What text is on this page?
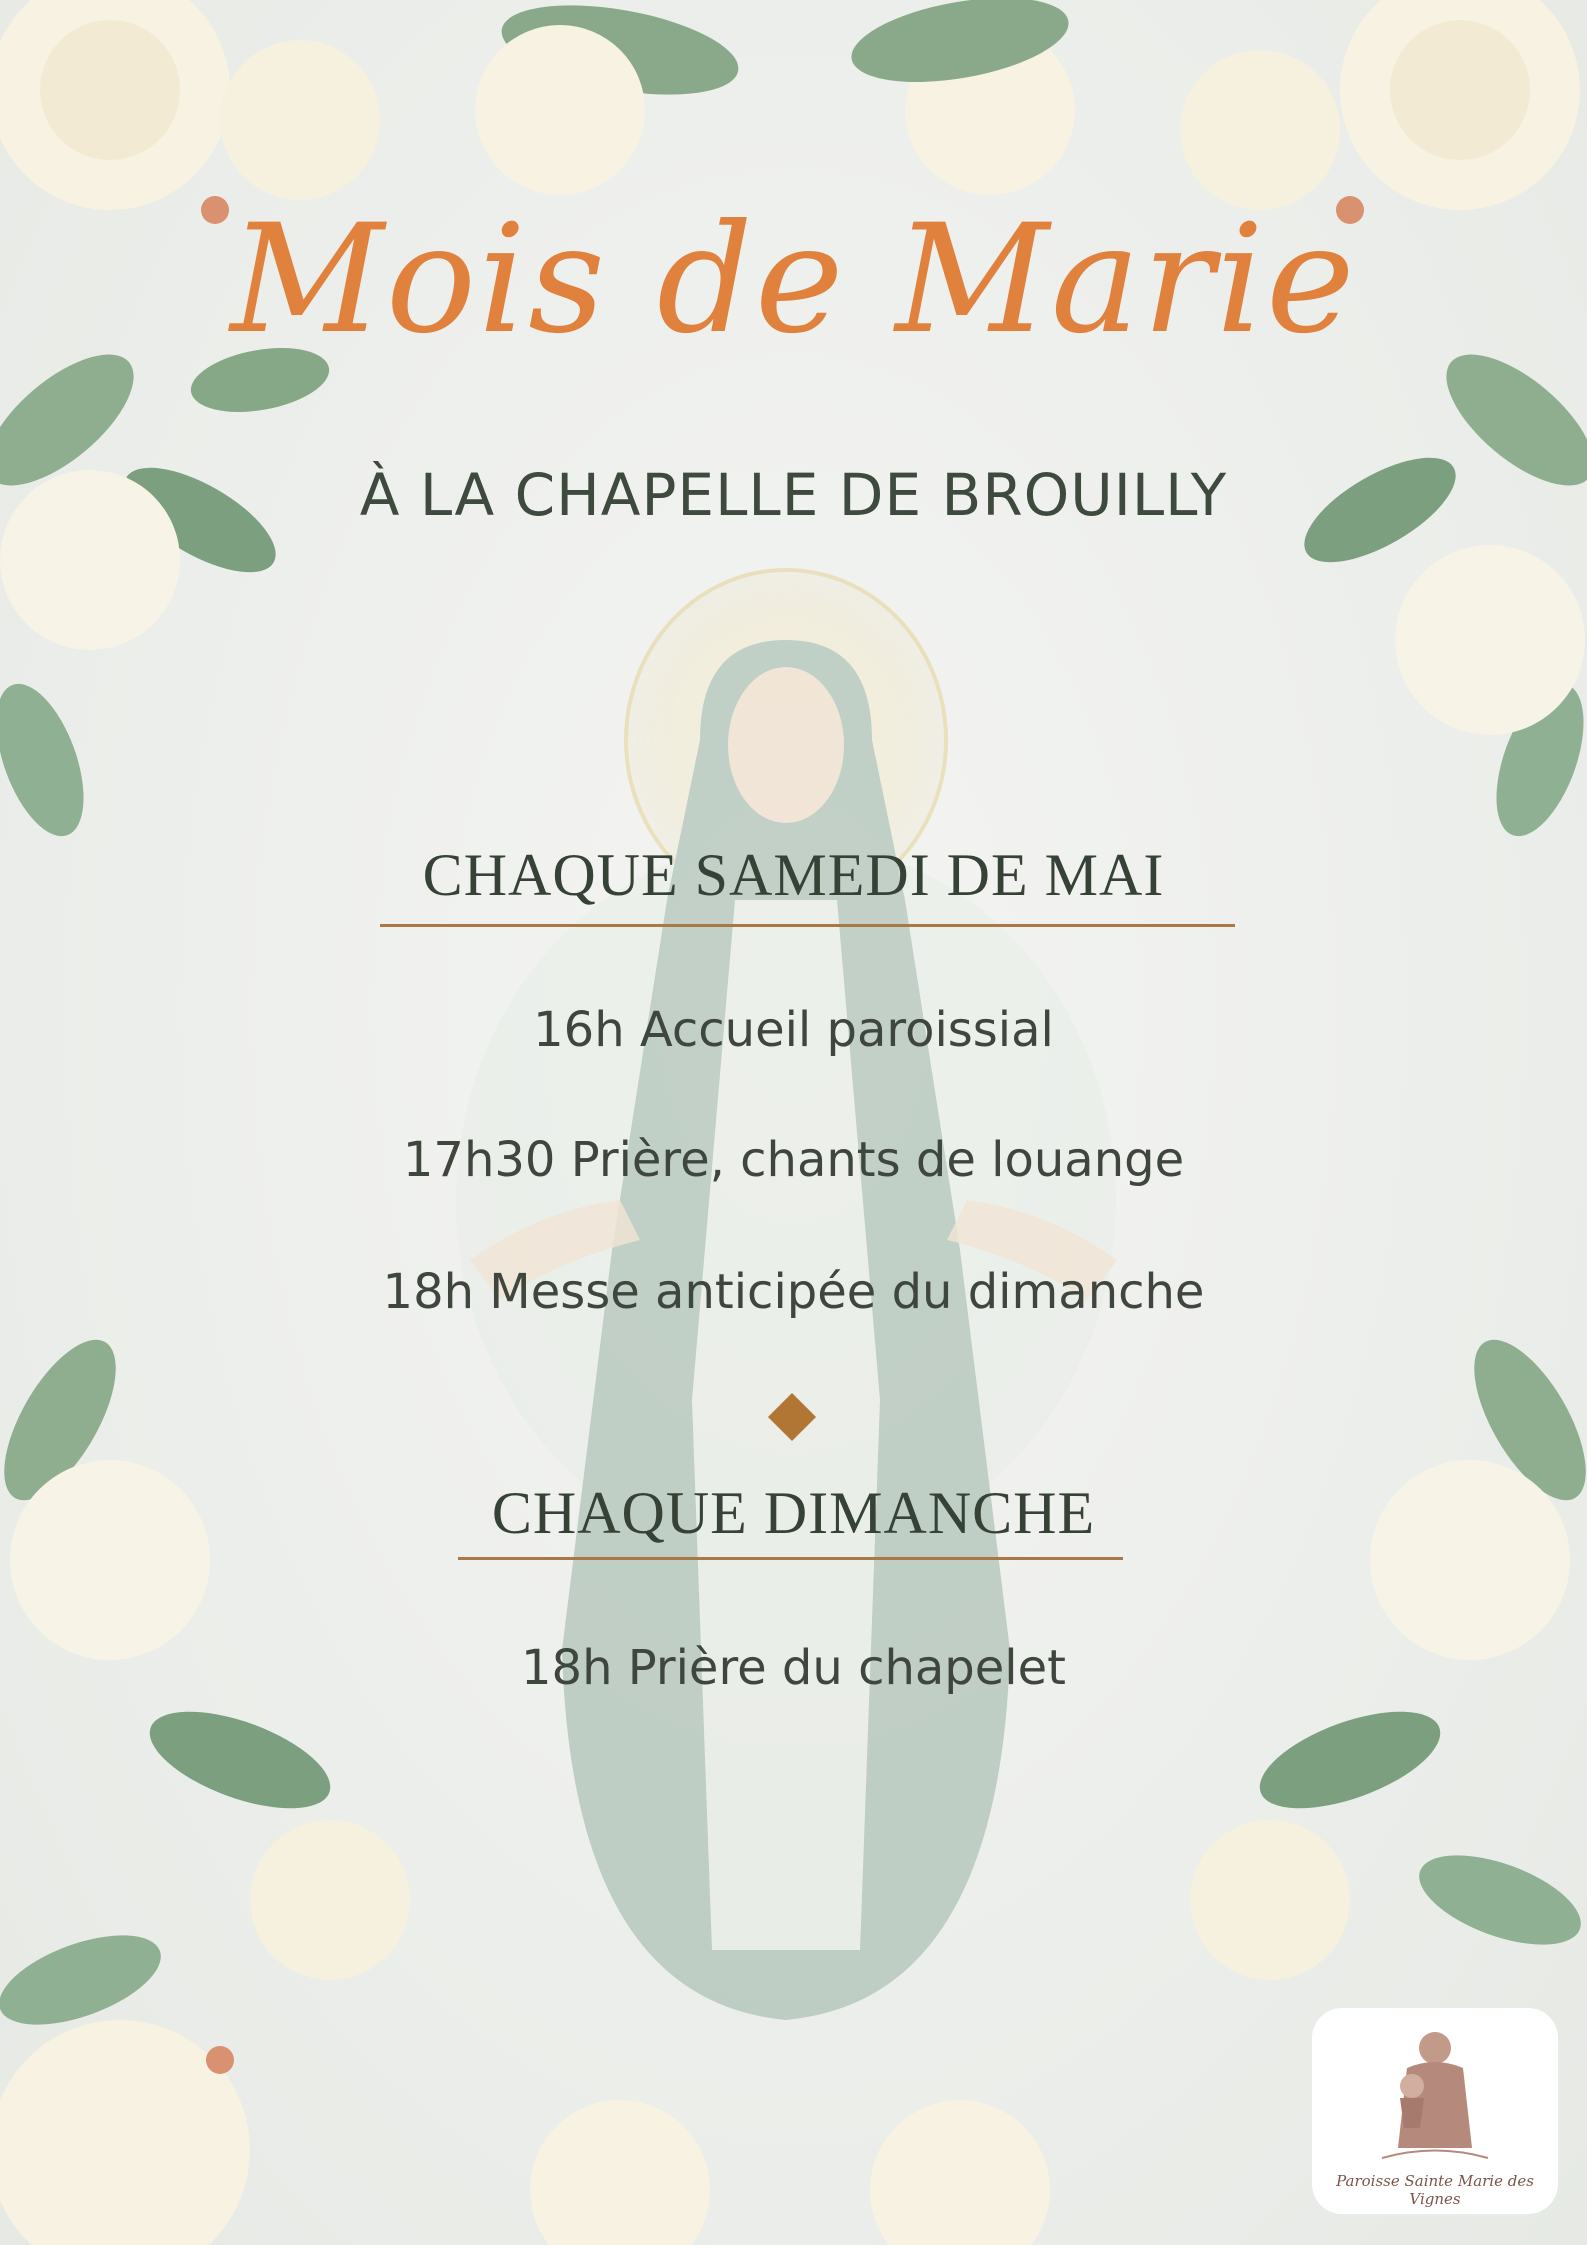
Mois de Marie
À LA CHAPELLE DE BROUILLY
CHAQUE SAMEDI DE MAI
16h Accueil paroissial
17h30 Prière, chants de louange
18h Messe anticipée du dimanche
CHAQUE DIMANCHE
18h Prière du chapelet
Paroisse Sainte Marie des Vignes
